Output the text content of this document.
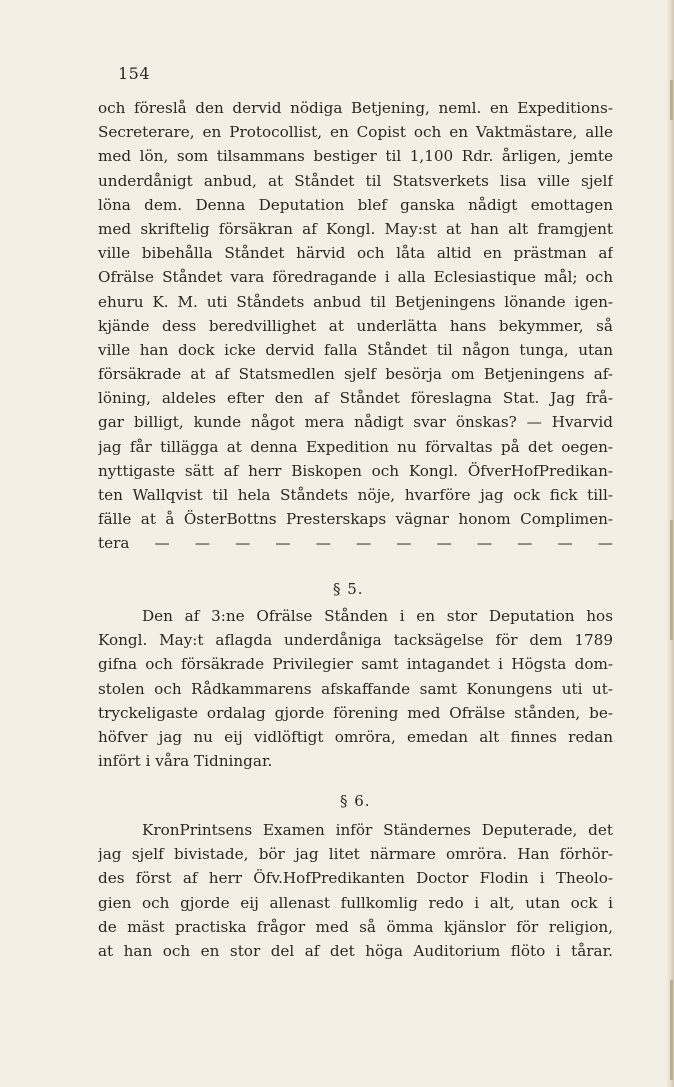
154
och föreslå den dervid nödiga Betjening, neml. en Expeditions-
Secreterare, en Protocollist, en Copist och en Vaktmästare, alle
med lön, som tilsammans bestiger til 1,100 Rdr. årligen, jemte
underdånigt anbud, at Ståndet til Statsverkets lisa ville sjelf
löna dem. Denna Deputation blef ganska nådigt emottagen
med skriftelig försäkran af Kongl. May:st at han alt framgjent
ville bibehålla Ståndet härvid och låta altid en prästman af
Ofrälse Ståndet vara föredragande i alla Eclesiastique mål; och
ehuru K. M. uti Ståndets anbud til Betjeningens lönande igen-
kjände dess beredvillighet at underlätta hans bekymmer, så
ville han dock icke dervid falla Ståndet til någon tunga, utan
försäkrade at af Statsmedlen sjelf besörja om Betjeningens af-
löning, aldeles efter den af Ståndet föreslagna Stat. Jag frå-
gar billigt, kunde något mera nådigt svar önskas? — Hvarvid
jag får tillägga at denna Expedition nu förvaltas på det oegen-
nyttigaste sätt af herr Biskopen och Kongl. ÖfverHofPredikan-
ten Wallqvist til hela Ståndets nöje, hvarföre jag ock fick till-
fälle at å ÖsterBottns Presterskaps vägnar honom Complimen-
tera — — — — — — — — — — — —
§ 5.
Den af 3:ne Ofrälse Stånden i en stor Deputation hos
Kongl. May:t aflagda underdåniga tacksägelse för dem 1789
gifna och försäkrade Privilegier samt intagandet i Högsta dom-
stolen och Rådkammarens afskaffande samt Konungens uti ut-
tryckeligaste ordalag gjorde förening med Ofrälse stånden, be-
höfver jag nu eij vidlöftigt omröra, emedan alt finnes redan
infört i våra Tidningar.
§ 6.
KronPrintsens Examen inför Ständernes Deputerade, det
jag sjelf bivistade, bör jag litet närmare omröra. Han förhör-
des först af herr Öfv.HofPredikanten Doctor Flodin i Theolo-
gien och gjorde eij allenast fullkomlig redo i alt, utan ock i
de mäst practiska frågor med så ömma kjänslor för religion,
at han och en stor del af det höga Auditorium flöto i tårar.
